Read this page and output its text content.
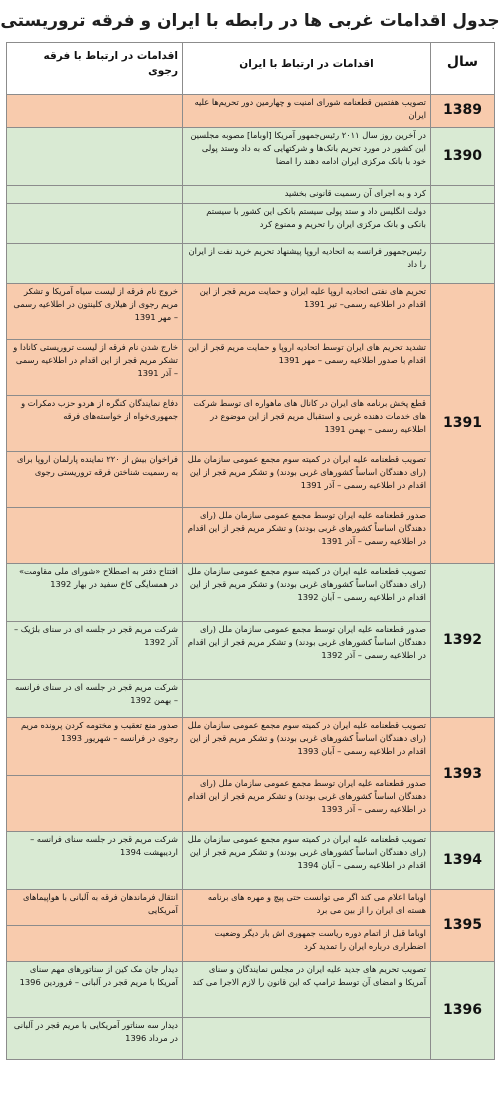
جدول اقدامات غربی ها در رابطه با ایران و فرقه تروریستی
سال	اقدامات در ارتباط با ایران	اقدامات در ارتباط با فرقه رجوی
1389	تصویب هفتمین قطعنامه شورای امنیت و چهارمین دور تحریم‌ها علیه ایران	
1390	در آخرین روز سال ۲۰۱۱ رئیس‌جمهور آمریکا [اوباما] مصوبه مجلسین این کشور در مورد تحریم بانک‌ها و شرکتهایی که به داد وستد پولی خود با بانک مرکزی ایران ادامه دهند را امضا	
	کرد و به اجرای آن رسمیت قانونی بخشید	
	دولت انگلیس داد و ستد پولی سیستم بانکی این کشور با سیستم بانکی و بانک مرکزی ایران را تحریم و ممنوع کرد	
	رئیس‌جمهور فرانسه به اتحادیه اروپا پیشنهاد تحریم خرید نفت از ایران را داد	
1391	تحریم های نفتی اتحادیه اروپا علیه ایران و حمایت مریم قجر از این اقدام در اطلاعیه رسمی– تیر 1391	خروج نام فرقه از لیست سیاه آمریکا و تشکر مریم رجوی از هیلاری کلینتون در اطلاعیه رسمی – مهر 1391
	تشدید تحریم های ایران توسط اتحادیه اروپا و حمایت مریم قجر از این اقدام با صدور اطلاعیه رسمی – مهر 1391	خارج شدن نام فرقه از لیست تروریستی کانادا و تشکر مریم قجر از این اقدام در اطلاعیه رسمی – آذر 1391
	قطع پخش برنامه های ایران در کانال های ماهواره ای توسط شرکت های خدمات دهنده غربی و استقبال مریم قجر از این موضوع در اطلاعیه رسمی – بهمن 1391	دفاع نمایندگان کنگره از هردو حزب دمکرات و جمهوری‌خواه از خواسته‌های فرقه
	تصویب قطعنامه علیه ایران در کمیته سوم مجمع عمومی سازمان ملل (رای دهندگان اساساً کشورهای غربی بودند) و تشکر مریم قجر از این اقدام در اطلاعیه رسمی – آذر 1391	فراخوان بیش از ۲۲۰ نماینده پارلمان اروپا برای به رسمیت شناختن فرقه تروریستی رجوی
	صدور قطعنامه علیه ایران توسط مجمع عمومی سازمان ملل (رای دهندگان اساساً کشورهای غربی بودند) و تشکر مریم قجر از این اقدام در اطلاعیه رسمی – آذر 1391	
1392	تصویب قطعنامه علیه ایران در کمیته سوم مجمع عمومی سازمان ملل (رای دهندگان اساساً کشورهای غربی بودند) و تشکر مریم قجر از این اقدام در اطلاعیه رسمی – آبان 1392	افتتاح دفتر به اصطلاح «شورای ملی مقاومت» در همسایگی کاخ سفید در بهار 1392
	صدور قطعنامه علیه ایران توسط مجمع عمومی سازمان ملل (رای دهندگان اساساً کشورهای غربی بودند) و تشکر مریم قجر از این اقدام در اطلاعیه رسمی – آذر 1392	شرکت مریم قجر در جلسه ای در سنای بلژیک – آذر 1392
		شرکت مریم قجر در جلسه ای در سنای فرانسه – بهمن 1392
1393	تصویب قطعنامه علیه ایران در کمیته سوم مجمع عمومی سازمان ملل (رای دهندگان اساساً کشورهای غربی بودند) و تشکر مریم قجر از این اقدام در اطلاعیه رسمی – آبان 1393	صدور منع تعقیب و مختومه کردن پرونده مریم رجوی در فرانسه – شهریور 1393
	صدور قطعنامه علیه ایران توسط مجمع عمومی سازمان ملل (رای دهندگان اساساً کشورهای غربی بودند) و تشکر مریم قجر از این اقدام در اطلاعیه رسمی – آذر 1393	
1394	تصویب قطعنامه علیه ایران در کمیته سوم مجمع عمومی سازمان ملل (رای دهندگان اساساً کشورهای غربی بودند) و تشکر مریم قجر از این اقدام در اطلاعیه رسمی – آبان 1394	شرکت مریم قجر در جلسه سنای فرانسه – اردیبهشت 1394
1395	اوباما اعلام می کند اگر می توانست حتی پیچ و مهره های برنامه هسته ای ایران را از بین می برد	انتقال فرماندهان فرقه به آلبانی با هواپیماهای آمریکایی
	اوباما قبل از اتمام دوره ریاست جمهوری اش بار دیگر وضعیت اضطراری درباره ایران را تمدید کرد	
1396	تصویب تحریم های جدید علیه ایران در مجلس نمایندگان و سنای آمریکا و امضای آن توسط ترامپ که این قانون را لازم الاجرا می کند	دیدار جان مک کین از سناتورهای مهم سنای آمریکا با مریم قجر در آلبانی – فروردین 1396
		دیدار سه سناتور آمریکایی با مریم قجر در آلبانی در مرداد 1396
